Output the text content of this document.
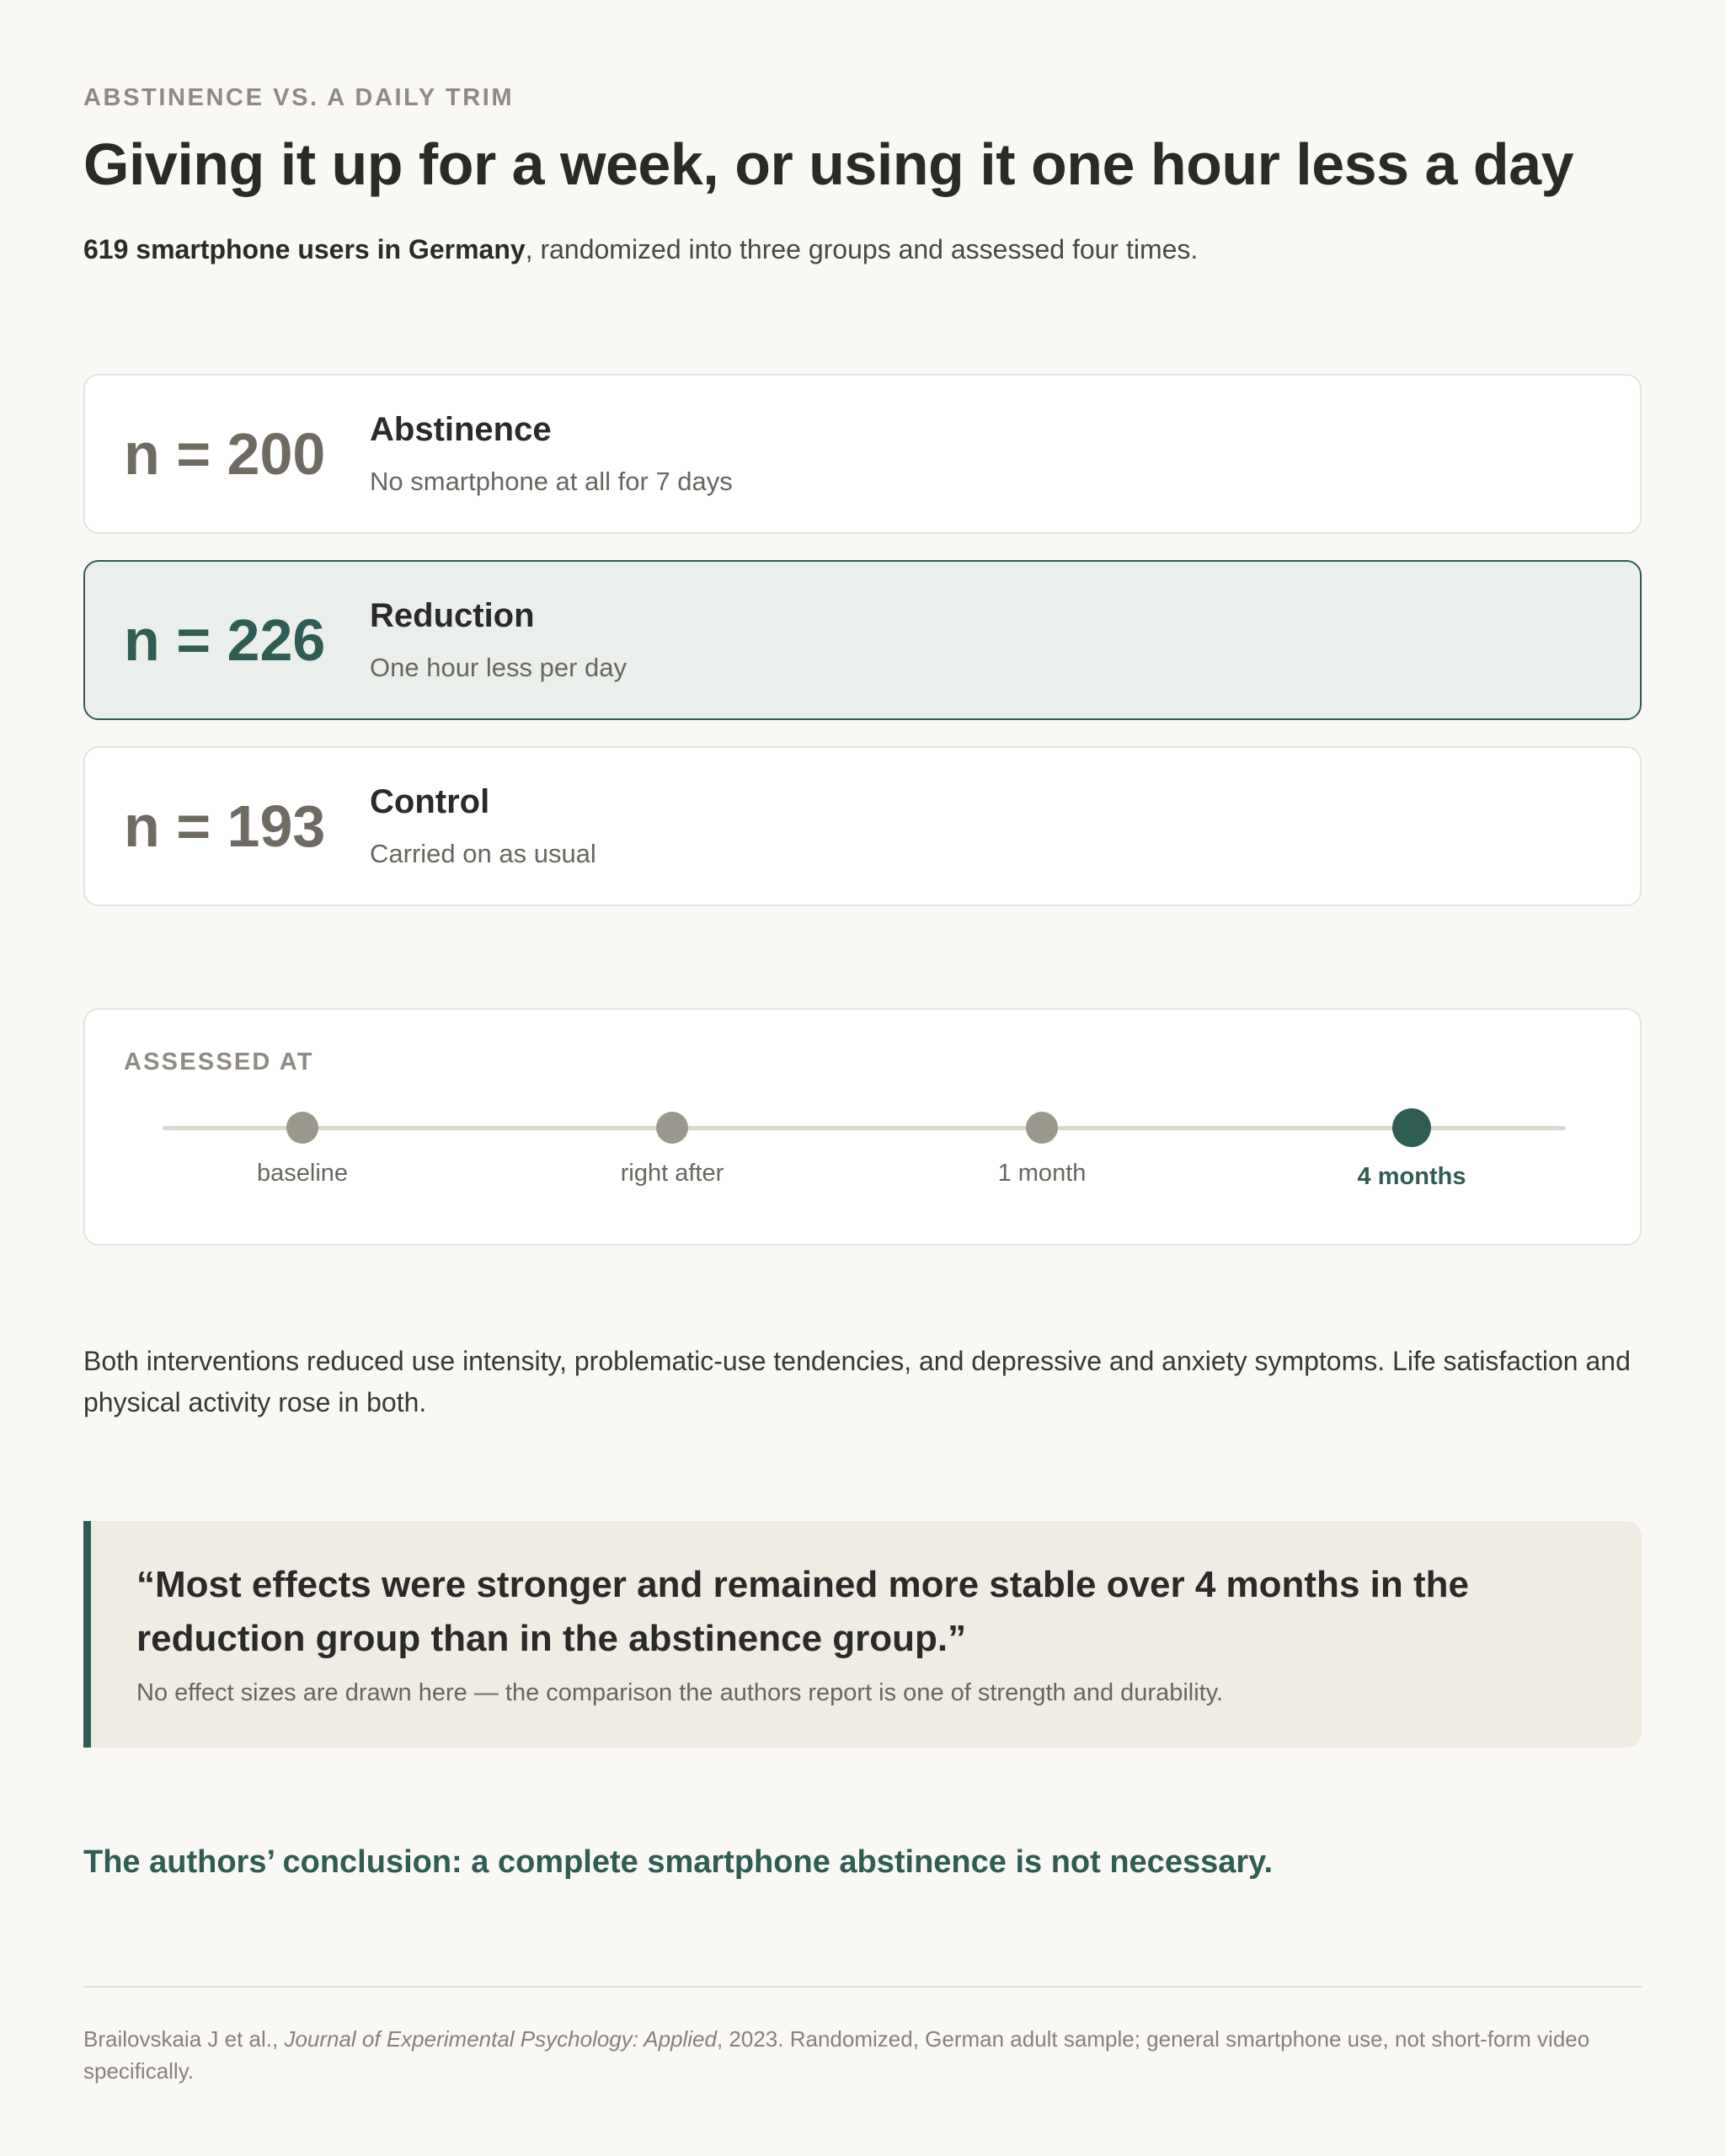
ABSTINENCE VS. A DAILY TRIM
Giving it up for a week, or using it one hour less a day

619 smartphone users in Germany, randomized into three groups and assessed four times.

n = 200 Abstinence
No smartphone at all for 7 days
n = 226 Reduction
One hour less per day
n = 193 Control
Carried on as usual
ASSESSED AT
baseline	right after	1 month	4 months

Both interventions reduced use intensity, problematic-use tendencies, and depressive and anxiety symptoms. Life satisfaction and physical activity rose in both.

“Most effects were stronger and remained more stable over 4 months in the reduction group than in the abstinence group.”
No effect sizes are drawn here — the comparison the authors report is one of strength and durability.

The authors’ conclusion: a complete smartphone abstinence is not necessary.

Brailovskaia J et al., Journal of Experimental Psychology: Applied, 2023. Randomized, German adult sample; general smartphone use, not short-form video specifically.
